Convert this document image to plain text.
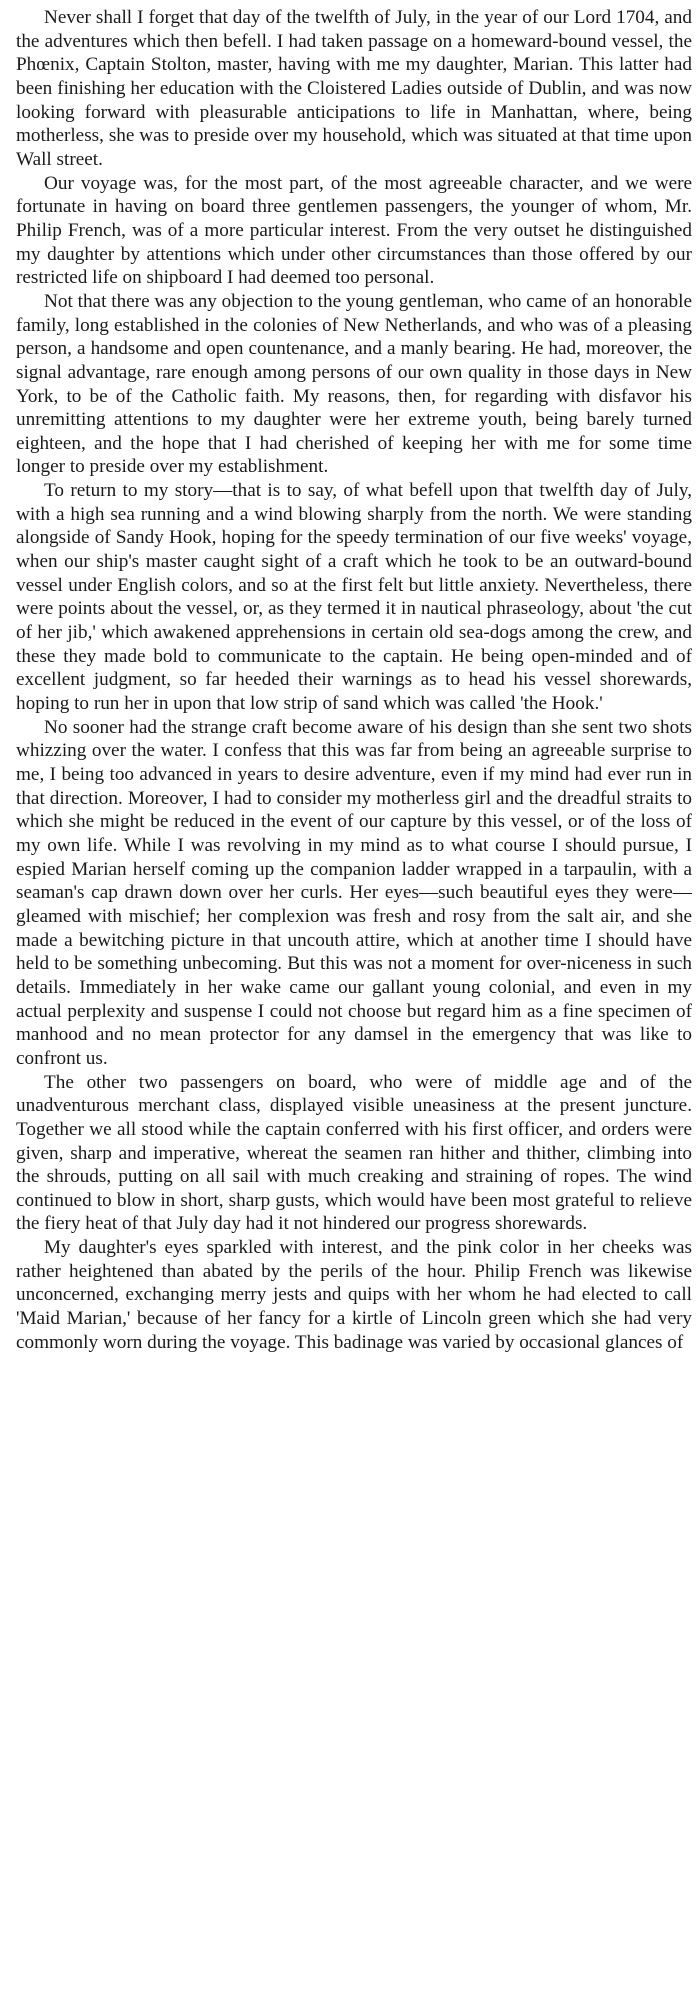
Never shall I forget that day of the twelfth of July, in the year of our Lord 1704, and the adventures which then befell. I had taken passage on a homeward-bound vessel, the Phœnix, Captain Stolton, master, having with me my daughter, Marian. This latter had been finishing her education with the Cloistered Ladies outside of Dublin, and was now looking forward with pleasurable anticipations to life in Manhattan, where, being motherless, she was to preside over my household, which was situated at that time upon Wall street.

Our voyage was, for the most part, of the most agreeable character, and we were fortunate in having on board three gentlemen passengers, the younger of whom, Mr. Philip French, was of a more particular interest. From the very outset he distinguished my daughter by attentions which under other circumstances than those offered by our restricted life on shipboard I had deemed too personal.

Not that there was any objection to the young gentleman, who came of an honorable family, long established in the colonies of New Netherlands, and who was of a pleasing person, a handsome and open countenance, and a manly bearing. He had, moreover, the signal advantage, rare enough among persons of our own quality in those days in New York, to be of the Catholic faith. My reasons, then, for regarding with disfavor his unremitting attentions to my daughter were her extreme youth, being barely turned eighteen, and the hope that I had cherished of keeping her with me for some time longer to preside over my establishment.

To return to my story—that is to say, of what befell upon that twelfth day of July, with a high sea running and a wind blowing sharply from the north. We were standing alongside of Sandy Hook, hoping for the speedy termination of our five weeks' voyage, when our ship's master caught sight of a craft which he took to be an outward-bound vessel under English colors, and so at the first felt but little anxiety. Nevertheless, there were points about the vessel, or, as they termed it in nautical phraseology, about 'the cut of her jib,' which awakened apprehensions in certain old sea-dogs among the crew, and these they made bold to communicate to the captain. He being open-minded and of excellent judgment, so far heeded their warnings as to head his vessel shorewards, hoping to run her in upon that low strip of sand which was called 'the Hook.'

No sooner had the strange craft become aware of his design than she sent two shots whizzing over the water. I confess that this was far from being an agreeable surprise to me, I being too advanced in years to desire adventure, even if my mind had ever run in that direction. Moreover, I had to consider my motherless girl and the dreadful straits to which she might be reduced in the event of our capture by this vessel, or of the loss of my own life. While I was revolving in my mind as to what course I should pursue, I espied Marian herself coming up the companion ladder wrapped in a tarpaulin, with a seaman's cap drawn down over her curls. Her eyes—such beautiful eyes they were—gleamed with mischief; her complexion was fresh and rosy from the salt air, and she made a bewitching picture in that uncouth attire, which at another time I should have held to be something unbecoming. But this was not a moment for over-niceness in such details. Immediately in her wake came our gallant young colonial, and even in my actual perplexity and suspense I could not choose but regard him as a fine specimen of manhood and no mean protector for any damsel in the emergency that was like to confront us.

The other two passengers on board, who were of middle age and of the unadventurous merchant class, displayed visible uneasiness at the present juncture. Together we all stood while the captain conferred with his first officer, and orders were given, sharp and imperative, whereat the seamen ran hither and thither, climbing into the shrouds, putting on all sail with much creaking and straining of ropes. The wind continued to blow in short, sharp gusts, which would have been most grateful to relieve the fiery heat of that July day had it not hindered our progress shorewards.

My daughter's eyes sparkled with interest, and the pink color in her cheeks was rather heightened than abated by the perils of the hour. Philip French was likewise unconcerned, exchanging merry jests and quips with her whom he had elected to call 'Maid Marian,' because of her fancy for a kirtle of Lincoln green which she had very commonly worn during the voyage. This badinage was varied by occasional glances of
